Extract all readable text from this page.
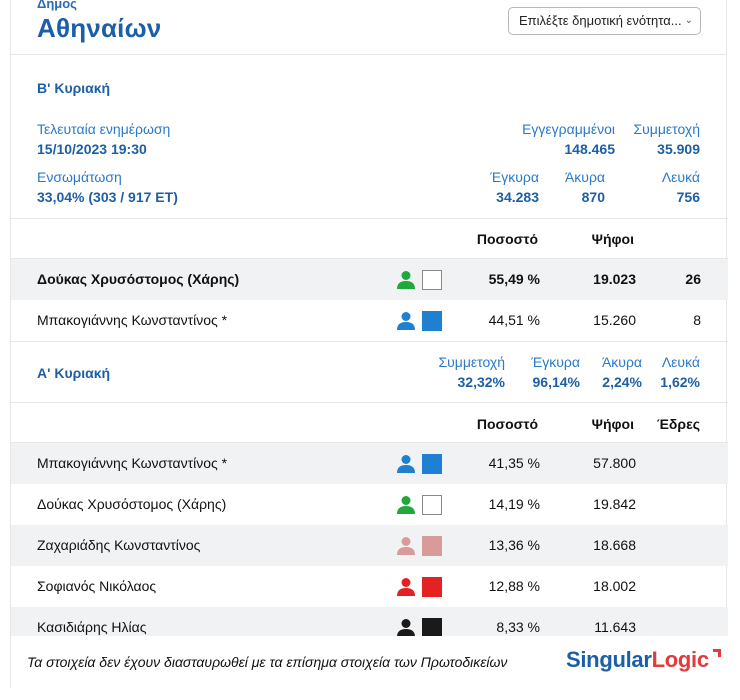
Δημος
Αθηναίων	Επιλέξτε δημοτική ενότητα... ⌄
Β' Κυριακή
Τελευταία ενημέρωση
15/10/2023 19:30
Εγγεγραμμένοι
148.465
Συμμετοχή
35.909
Ενσωμάτωση
33,04% (303 / 917 ΕΤ)
Έγκυρα
34.283
Άκυρα
870
Λευκά
756
Ποσοστό	Ψήφοι
Δούκας Χρυσόστομος (Χάρης)	55,49 %	19.023	26
Μπακογιάννης Κωνσταντίνος *	44,51 %	15.260	8
Α' Κυριακή
Συμμετοχή
32,32%
Έγκυρα
96,14%
Άκυρα
2,24%
Λευκά
1,62%
Ποσοστό	Ψήφοι Έδρες
Μπακογιάννης Κωνσταντίνος *	41,35 %	57.800
Δούκας Χρυσόστομος (Χάρης)	14,19 %	19.842
Ζαχαριάδης Κωνσταντίνος	13,36 %	18.668
Σοφιανός Νικόλαος	12,88 %	18.002
Κασιδιάρης Ηλίας	8,33 %	11.643
Τα στοιχεία δεν έχουν διασταυρωθεί με τα επίσημα στοιχεία των Πρωτοδικείων	SingularLogic
